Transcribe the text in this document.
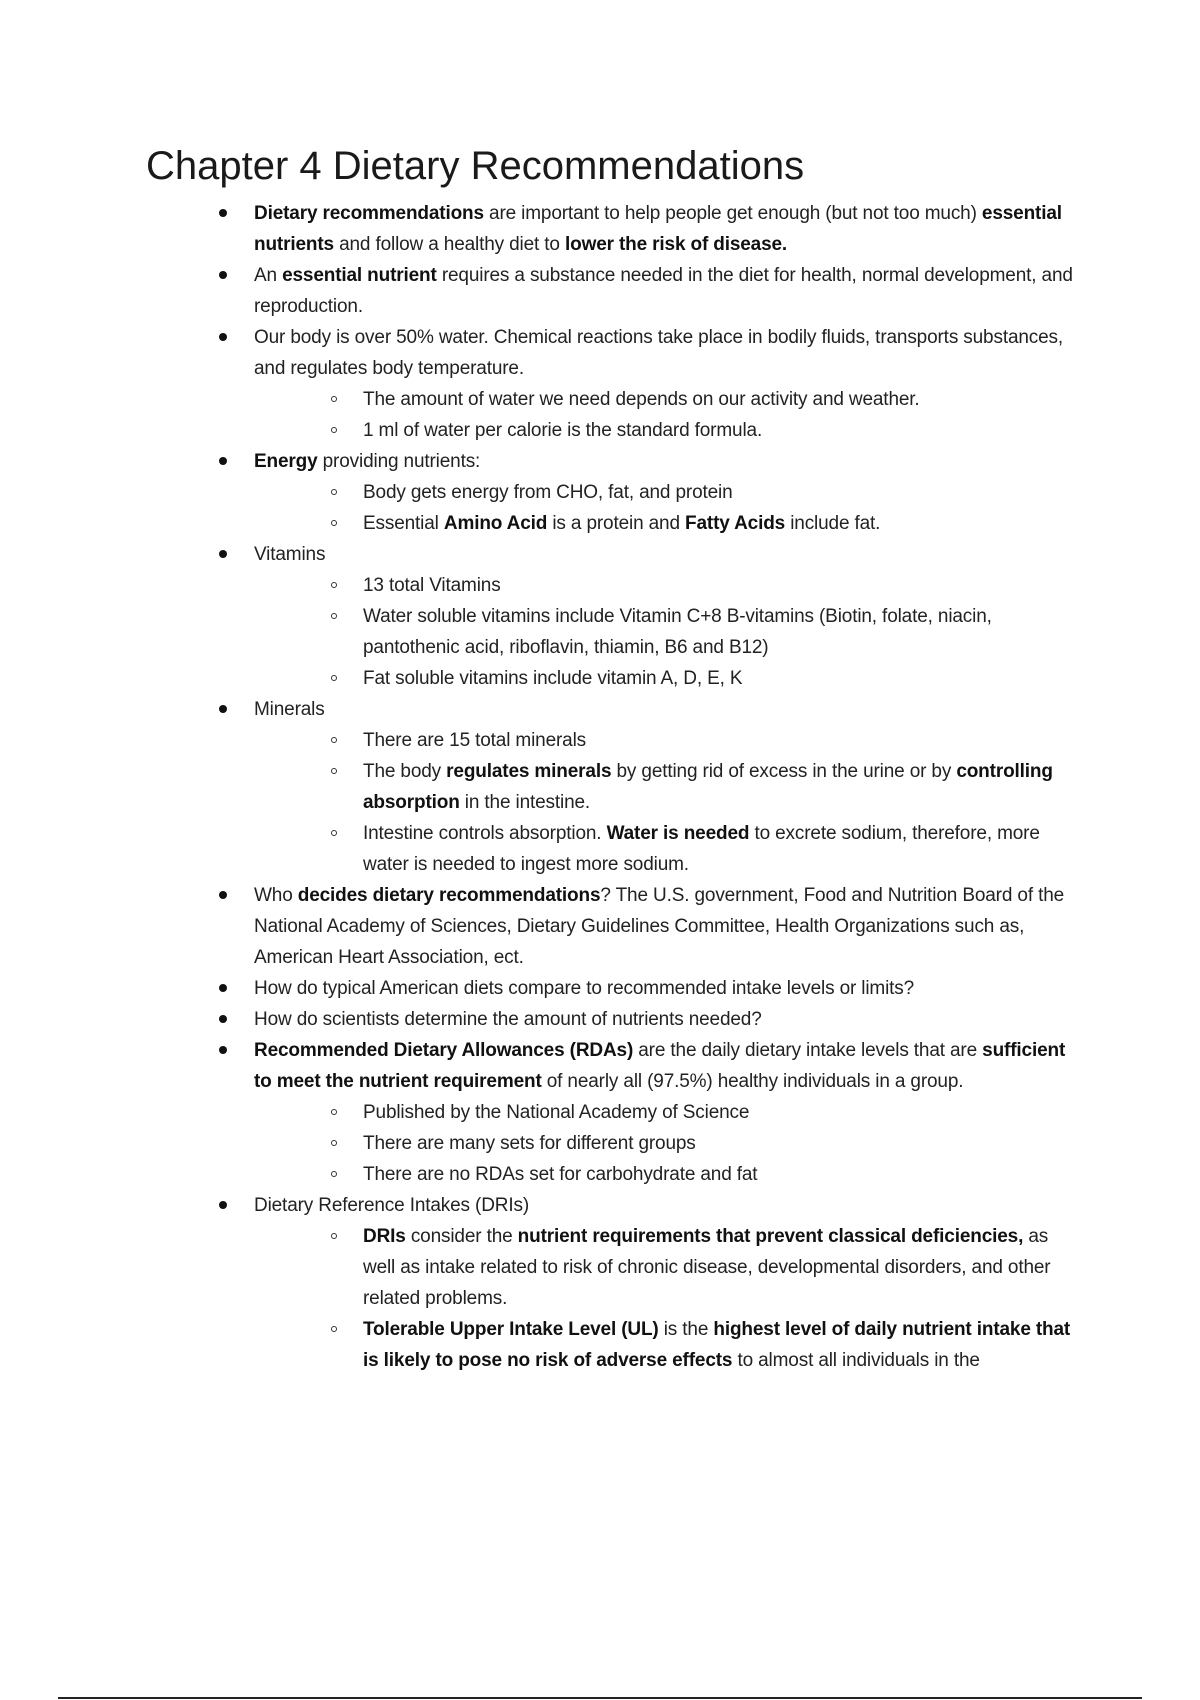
Chapter 4 Dietary Recommendations
Dietary recommendations are important to help people get enough (but not too much) essential nutrients and follow a healthy diet to lower the risk of disease.
An essential nutrient requires a substance needed in the diet for health, normal development, and reproduction.
Our body is over 50% water. Chemical reactions take place in bodily fluids, transports substances, and regulates body temperature.
The amount of water we need depends on our activity and weather.
1 ml of water per calorie is the standard formula.
Energy providing nutrients:
Body gets energy from CHO, fat, and protein
Essential Amino Acid is a protein and Fatty Acids include fat.
Vitamins
13 total Vitamins
Water soluble vitamins include Vitamin C+8 B-vitamins (Biotin, folate, niacin, pantothenic acid, riboflavin, thiamin, B6 and B12)
Fat soluble vitamins include vitamin A, D, E, K
Minerals
There are 15 total minerals
The body regulates minerals by getting rid of excess in the urine or by controlling absorption in the intestine.
Intestine controls absorption. Water is needed to excrete sodium, therefore, more water is needed to ingest more sodium.
Who decides dietary recommendations? The U.S. government, Food and Nutrition Board of the National Academy of Sciences, Dietary Guidelines Committee, Health Organizations such as, American Heart Association, ect.
How do typical American diets compare to recommended intake levels or limits?
How do scientists determine the amount of nutrients needed?
Recommended Dietary Allowances (RDAs) are the daily dietary intake levels that are sufficient to meet the nutrient requirement of nearly all (97.5%) healthy individuals in a group.
Published by the National Academy of Science
There are many sets for different groups
There are no RDAs set for carbohydrate and fat
Dietary Reference Intakes (DRIs)
DRIs consider the nutrient requirements that prevent classical deficiencies, as well as intake related to risk of chronic disease, developmental disorders, and other related problems.
Tolerable Upper Intake Level (UL) is the highest level of daily nutrient intake that is likely to pose no risk of adverse effects to almost all individuals in the
